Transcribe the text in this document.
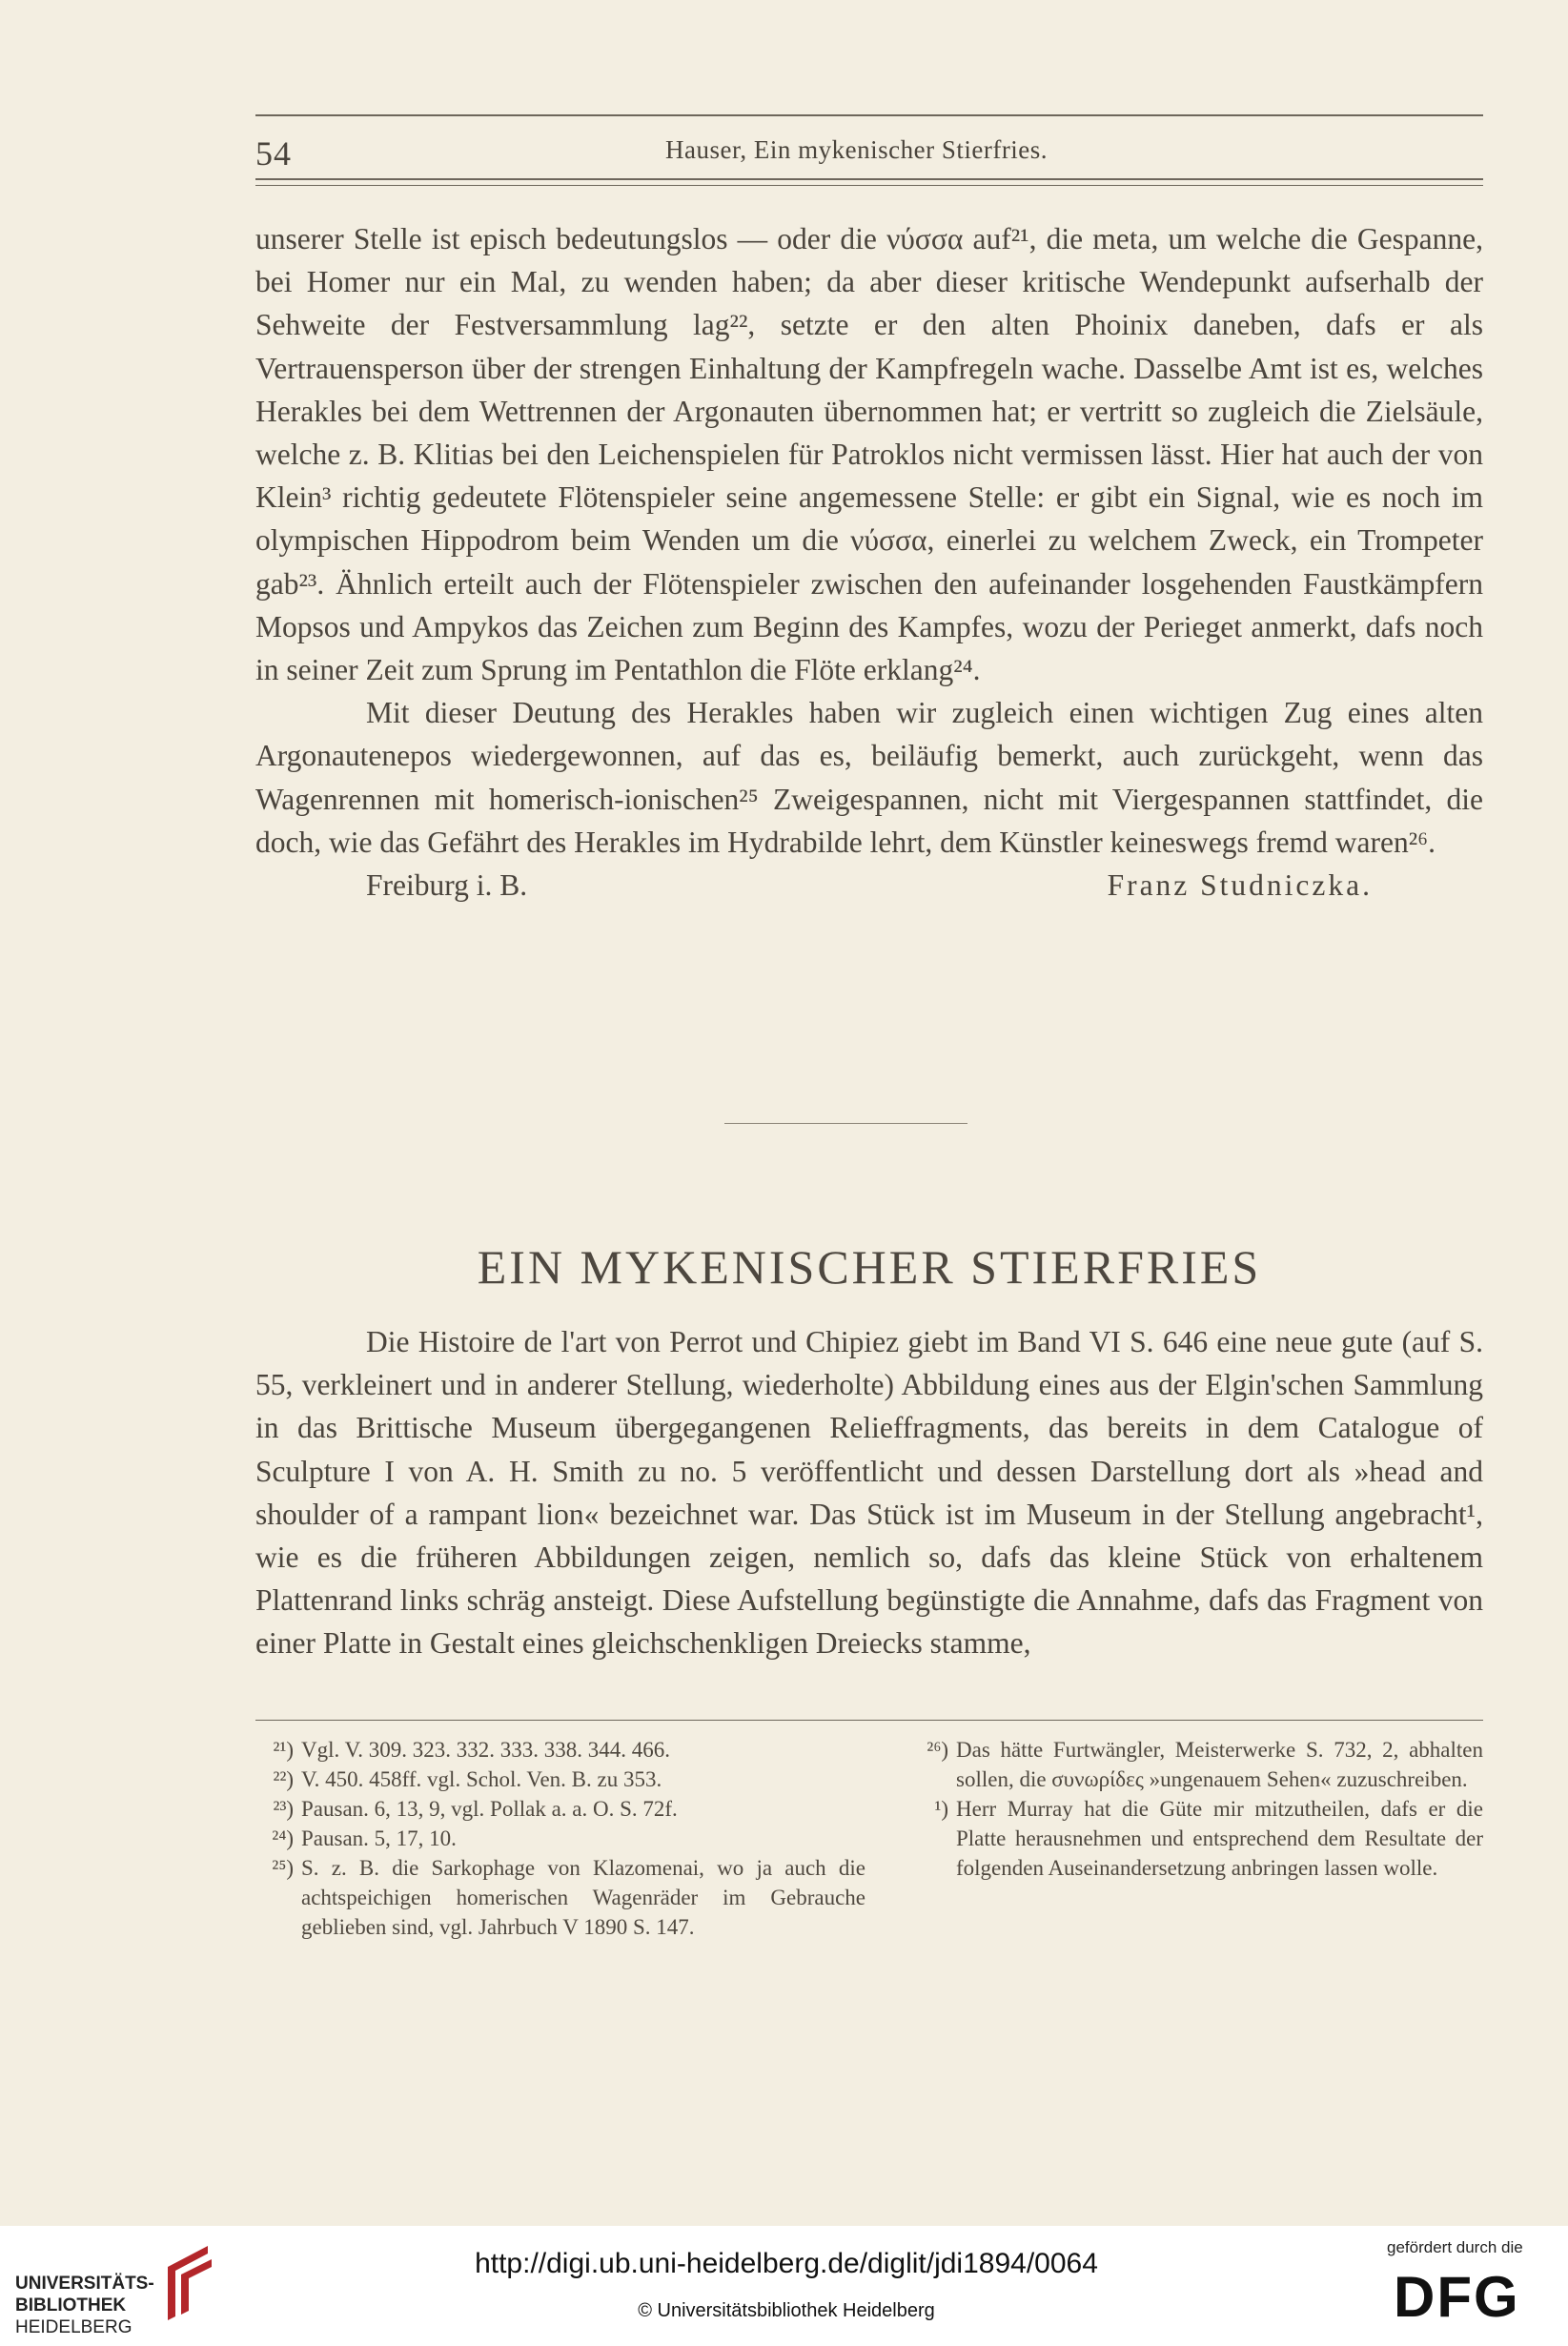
54	Hauser, Ein mykenischer Stierfries.

unserer Stelle ist episch bedeutungslos — oder die νύσσα auf²¹, die meta, um welche die Gespanne, bei Homer nur ein Mal, zu wenden haben; da aber dieser kritische Wendepunkt aufserhalb der Sehweite der Festversammlung lag²², setzte er den alten Phoinix daneben, dafs er als Vertrauensperson über der strengen Einhaltung der Kampfregeln wache. Dasselbe Amt ist es, welches Herakles bei dem Wettrennen der Argonauten übernommen hat; er vertritt so zugleich die Zielsäule, welche z. B. Klitias bei den Leichenspielen für Patroklos nicht vermissen lässt. Hier hat auch der von Klein³ richtig gedeutete Flötenspieler seine angemessene Stelle: er gibt ein Signal, wie es noch im olympischen Hippodrom beim Wenden um die νύσσα, einerlei zu welchem Zweck, ein Trompeter gab²³. Ähnlich erteilt auch der Flötenspieler zwischen den aufeinander losgehenden Faustkämpfern Mopsos und Ampykos das Zeichen zum Beginn des Kampfes, wozu der Perieget anmerkt, dafs noch in seiner Zeit zum Sprung im Pentathlon die Flöte erklang²⁴.

Mit dieser Deutung des Herakles haben wir zugleich einen wichtigen Zug eines alten Argonautenepos wiedergewonnen, auf das es, beiläufig bemerkt, auch zurückgeht, wenn das Wagenrennen mit homerisch-ionischen²⁵ Zweigespannen, nicht mit Viergespannen stattfindet, die doch, wie das Gefährt des Herakles im Hydrabilde lehrt, dem Künstler keineswegs fremd waren²⁶.

Freiburg i. B.	Franz Studniczka.
EIN MYKENISCHER STIERFRIES

Die Histoire de l'art von Perrot und Chipiez giebt im Band VI S. 646 eine neue gute (auf S. 55, verkleinert und in anderer Stellung, wiederholte) Abbildung eines aus der Elgin'schen Sammlung in das Brittische Museum übergegangenen Relieffragments, das bereits in dem Catalogue of Sculpture I von A. H. Smith zu no. 5 veröffentlicht und dessen Darstellung dort als »head and shoulder of a rampant lion« bezeichnet war. Das Stück ist im Museum in der Stellung angebracht¹, wie es die früheren Abbildungen zeigen, nemlich so, dafs das kleine Stück von erhaltenem Plattenrand links schräg ansteigt. Diese Aufstellung begünstigte die Annahme, dafs das Fragment von einer Platte in Gestalt eines gleichschenkligen Dreiecks stamme,

²¹) Vgl. V. 309. 323. 332. 333. 338. 344. 466.
²²) V. 450. 458ff. vgl. Schol. Ven. B. zu 353.
²³) Pausan. 6, 13, 9, vgl. Pollak a. a. O. S. 72f.
²⁴) Pausan. 5, 17, 10.
²⁵) S. z. B. die Sarkophage von Klazomenai, wo ja auch die achtspeichigen homerischen Wagenräder im Gebrauche geblieben sind, vgl. Jahrbuch V 1890 S. 147.
²⁶) Das hätte Furtwängler, Meisterwerke S. 732, 2, abhalten sollen, die συνωρίδες »ungenauem Sehen« zuzuschreiben.
¹) Herr Murray hat die Güte mir mitzutheilen, dafs er die Platte herausnehmen und entsprechend dem Resultate der folgenden Auseinandersetzung anbringen lassen wolle.
UNIVERSITÄTS-
BIBLIOTHEK
HEIDELBERG
http://digi.ub.uni-heidelberg.de/diglit/jdi1894/0064
© Universitätsbibliothek Heidelberg
gefördert durch die
DFG
